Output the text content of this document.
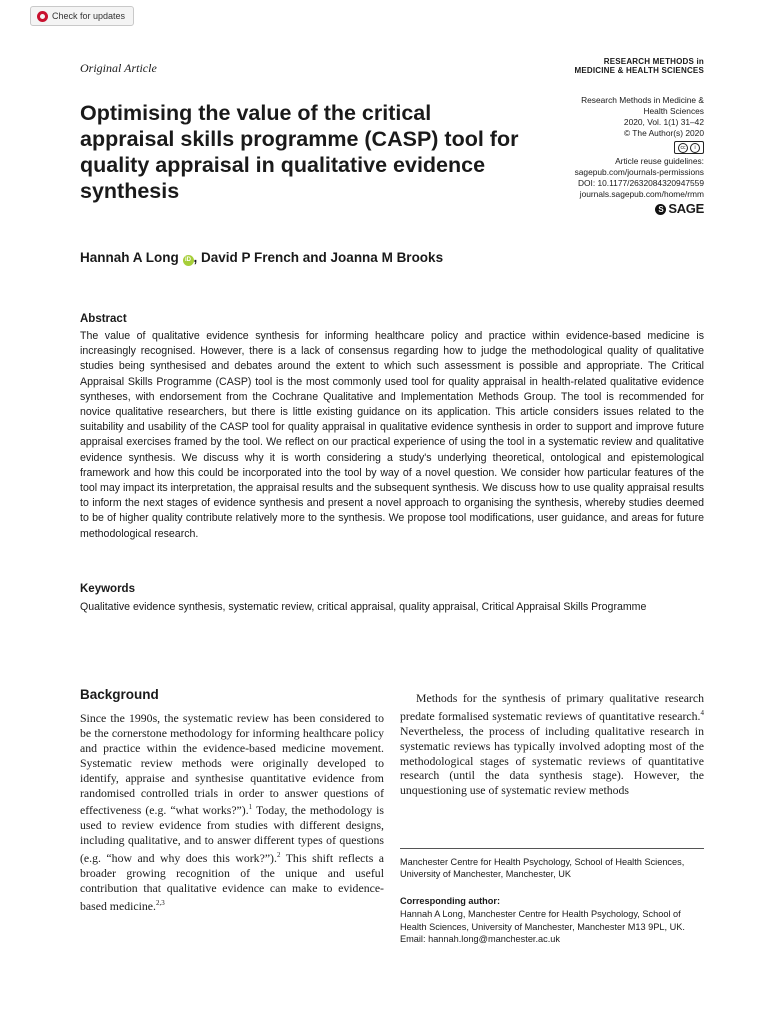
Check for updates
Original Article	RESEARCH METHODS in
MEDICINE & HEALTH SCIENCES
Optimising the value of the critical appraisal skills programme (CASP) tool for quality appraisal in qualitative evidence synthesis
Research Methods in Medicine &
Health Sciences
2020, Vol. 1(1) 31–42
© The Author(s) 2020
cc	i
Article reuse guidelines:
sagepub.com/journals-permissions
DOI: 10.1177/2632084320947559
journals.sagepub.com/home/rmm
S SAGE
Hannah A Long iD , David P French and Joanna M Brooks
Abstract

The value of qualitative evidence synthesis for informing healthcare policy and practice within evidence-based medicine is increasingly recognised. However, there is a lack of consensus regarding how to judge the methodological quality of qualitative studies being synthesised and debates around the extent to which such assessment is possible and appropriate. The Critical Appraisal Skills Programme (CASP) tool is the most commonly used tool for quality appraisal in health-related qualitative evidence syntheses, with endorsement from the Cochrane Qualitative and Implementation Methods Group. The tool is recommended for novice qualitative researchers, but there is little existing guidance on its application. This article considers issues related to the suitability and usability of the CASP tool for quality appraisal in qualitative evidence synthesis in order to support and improve future appraisal exercises framed by the tool. We reflect on our practical experience of using the tool in a systematic review and qualitative evidence synthesis. We discuss why it is worth considering a study's underlying theoretical, ontological and epistemological framework and how this could be incorporated into the tool by way of a novel question. We consider how particular features of the tool may impact its interpretation, the appraisal results and the subsequent synthesis. We discuss how to use quality appraisal results to inform the next stages of evidence synthesis and present a novel approach to organising the synthesis, whereby studies deemed to be of higher quality contribute relatively more to the synthesis. We propose tool modifications, user guidance, and areas for future methodological research.

Keywords
Qualitative evidence synthesis, systematic review, critical appraisal, quality appraisal, Critical Appraisal Skills Programme
Background

Since the 1990s, the systematic review has been considered to be the cornerstone methodology for informing healthcare policy and practice within the evidence-based medicine movement. Systematic review methods were originally developed to identify, appraise and synthesise quantitative evidence from randomised controlled trials in order to answer questions of effectiveness (e.g. “what works?”).$^1$ Today, the methodology is used to review evidence from studies with different designs, including qualitative, and to answer different types of questions (e.g. “how and why does this work?”).$^2$ This shift reflects a broader growing recognition of the unique and useful contribution that qualitative evidence can make to evidence-based medicine.$^{2,3}$

Methods for the synthesis of primary qualitative research predate formalised systematic reviews of quantitative research.$^4$ Nevertheless, the process of including qualitative research in systematic reviews has typically involved adopting most of the methodological stages of systematic reviews of quantitative research (until the data synthesis stage). However, the unquestioning use of systematic review methods

Manchester Centre for Health Psychology, School of Health Sciences, University of Manchester, Manchester, UK

Corresponding author:

Hannah A Long, Manchester Centre for Health Psychology, School of Health Sciences, University of Manchester, Manchester M13 9PL, UK.
Email: hannah.long@manchester.ac.uk
